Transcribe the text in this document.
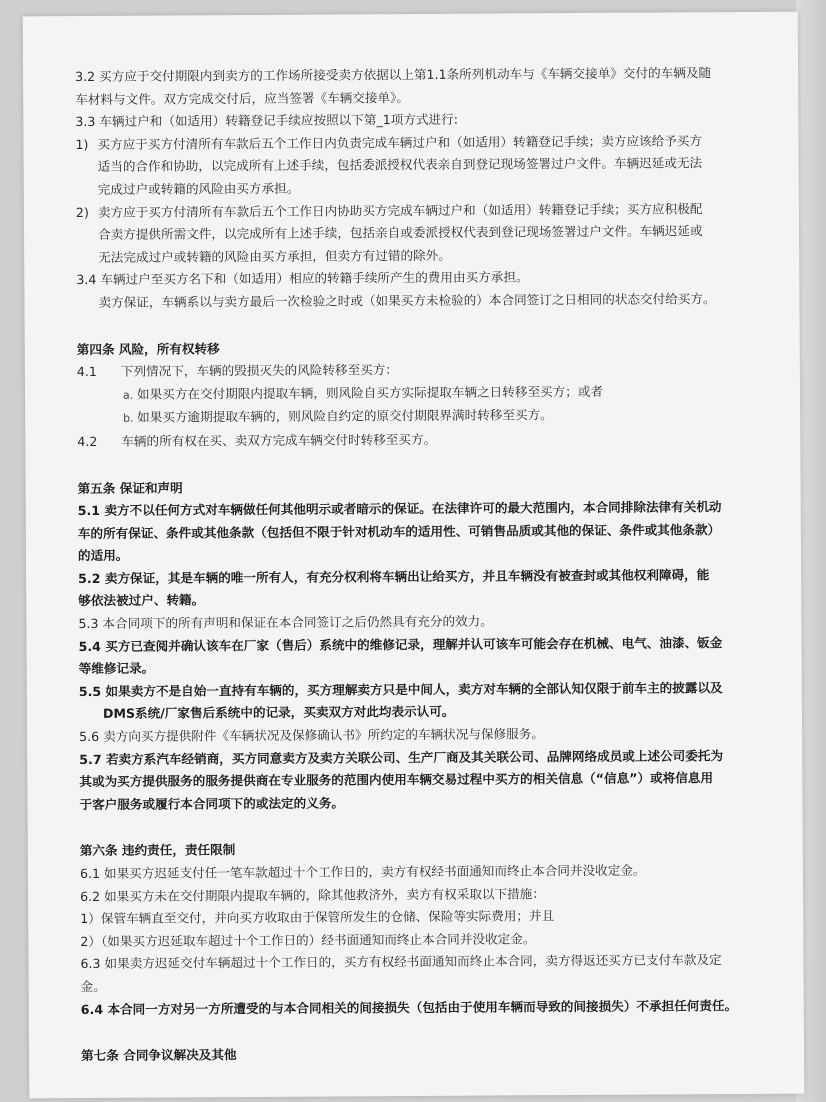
3.2 买方应于交付期限内到卖方的工作场所接受卖方依据以上第1.1条所列机动车与《车辆交接单》交付的车辆及随
车材料与文件。双方完成交付后，应当签署《车辆交接单》。
3.3 车辆过户和（如适用）转籍登记手续应按照以下第_1项方式进行:
1) 买方应于买方付清所有车款后五个工作日内负责完成车辆过户和（如适用）转籍登记手续；卖方应该给予买方
适当的合作和协助，以完成所有上述手续，包括委派授权代表亲自到登记现场签署过户文件。车辆迟延或无法
完成过户或转籍的风险由买方承担。
2) 卖方应于买方付清所有车款后五个工作日内协助买方完成车辆过户和（如适用）转籍登记手续；买方应积极配
合卖方提供所需文件，以完成所有上述手续，包括亲自或委派授权代表到登记现场签署过户文件。车辆迟延或
无法完成过户或转籍的风险由买方承担，但卖方有过错的除外。
3.4 车辆过户至买方名下和（如适用）相应的转籍手续所产生的费用由买方承担。
卖方保证，车辆系以与卖方最后一次检验之时或（如果买方未检验的）本合同签订之日相同的状态交付给买方。
第四条 风险，所有权转移
4.1 下列情况下，车辆的毁损灭失的风险转移至买方：
a. 如果买方在交付期限内提取车辆，则风险自买方实际提取车辆之日转移至买方；或者
b. 如果买方逾期提取车辆的，则风险自约定的原交付期限界满时转移至买方。
4.2 车辆的所有权在买、卖双方完成车辆交付时转移至买方。
第五条 保证和声明
5.1 卖方不以任何方式对车辆做任何其他明示或者暗示的保证。在法律许可的最大范围内，本合同排除法律有关机动
车的所有保证、条件或其他条款（包括但不限于针对机动车的适用性、可销售品质或其他的保证、条件或其他条款）
的适用。
5.2 卖方保证，其是车辆的唯一所有人，有充分权利将车辆出让给买方，并且车辆没有被查封或其他权利障碍，能
够依法被过户、转籍。
5.3 本合同项下的所有声明和保证在本合同签订之后仍然具有充分的效力。
5.4 买方已查阅并确认该车在厂家（售后）系统中的维修记录，理解并认可该车可能会存在机械、电气、油漆、钣金
等维修记录。
5.5 如果卖方不是自始一直持有车辆的，买方理解卖方只是中间人，卖方对车辆的全部认知仅限于前车主的披露以及
DMS系统/厂家售后系统中的记录，买卖双方对此均表示认可。
5.6 卖方向买方提供附件《车辆状况及保修确认书》所约定的车辆状况与保修服务。
5.7 若卖方系汽车经销商，买方同意卖方及卖方关联公司、生产厂商及其关联公司、品牌网络成员或上述公司委托为
其或为买方提供服务的服务提供商在专业服务的范围内使用车辆交易过程中买方的相关信息（“信息”）或将信息用
于客户服务或履行本合同项下的或法定的义务。
第六条 违约责任，责任限制
6.1 如果买方迟延支付任一笔车款超过十个工作日的，卖方有权经书面通知而终止本合同并没收定金。
6.2 如果买方未在交付期限内提取车辆的，除其他救济外，卖方有权采取以下措施：
1）保管车辆直至交付，并向买方收取由于保管所发生的仓储、保险等实际费用；并且
2）（如果买方迟延取车超过十个工作日的）经书面通知而终止本合同并没收定金。
6.3 如果卖方迟延交付车辆超过十个工作日的，买方有权经书面通知而终止本合同，卖方得返还买方已支付车款及定
金。
6.4 本合同一方对另一方所遭受的与本合同相关的间接损失（包括由于使用车辆而导致的间接损失）不承担任何责任。
第七条 合同争议解决及其他
